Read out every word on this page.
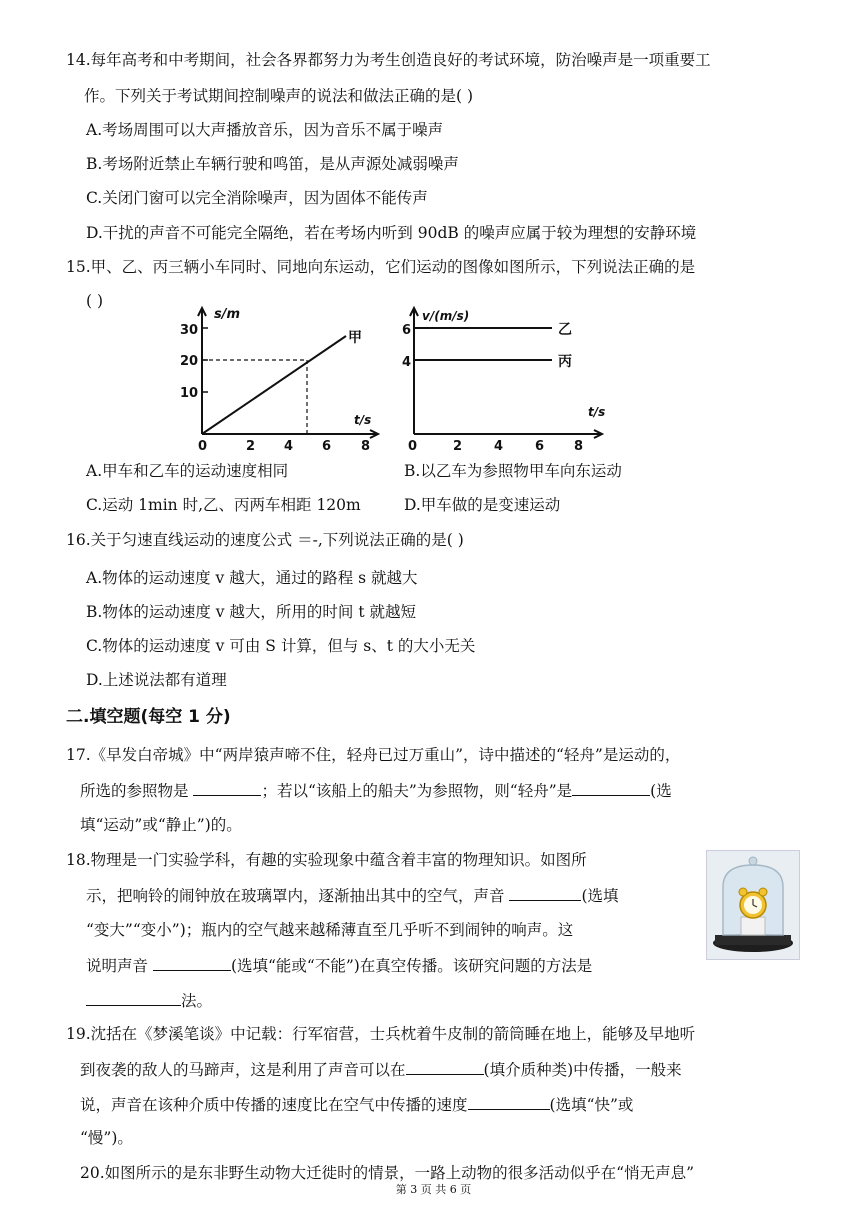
14.每年高考和中考期间，社会各界都努力为考生创造良好的考试环境，防治噪声是一项重要工
作。下列关于考试期间控制噪声的说法和做法正确的是( )
A.考场周围可以大声播放音乐，因为音乐不属于噪声
B.考场附近禁止车辆行驶和鸣笛，是从声源处减弱噪声
C.关闭门窗可以完全消除噪声，因为固体不能传声
D.干扰的声音不可能完全隔绝，若在考场内听到 90dB 的噪声应属于较为理想的安静环境
15.甲、乙、丙三辆小车同时、同地向东运动，它们运动的图像如图所示，下列说法正确的是
( )
s/m
t/s
30
20
10
0	2 4 6 8
甲
v/(m/s)
t/s
6
4
0	2 4 6 8
乙
丙
A.甲车和乙车的运动速度相同	B.以乙车为参照物甲车向东运动
C.运动 1min 时,乙、丙两车相距 120m	D.甲车做的是变速运动
16.关于匀速直线运动的速度公式 ＝-,下列说法正确的是( )
A.物体的运动速度 v 越大，通过的路程 s 就越大
B.物体的运动速度 v 越大，所用的时间 t 就越短
C.物体的运动速度 v 可由 S 计算，但与 s、t 的大小无关
D.上述说法都有道理
二.填空题(每空 1 分)
17.《早发白帝城》中“两岸猿声啼不住，轻舟已过万重山”，诗中描述的“轻舟”是运动的，
所选的参照物是	；若以“该船上的船夫”为参照物，则“轻舟”是	(选
填“运动”或“静止”)的。
18.物理是一门实验学科，有趣的实验现象中蕴含着丰富的物理知识。如图所
示，把响铃的闹钟放在玻璃罩内，逐渐抽出其中的空气，声音	(选填
“变大”“变小”)；瓶内的空气越来越稀薄直至几乎听不到闹钟的响声。这
说明声音	(选填“能或“不能”)在真空传播。该研究问题的方法是
法。
19.沈括在《梦溪笔谈》中记载：行军宿营，士兵枕着牛皮制的箭筒睡在地上，能够及早地听
到夜袭的敌人的马蹄声，这是利用了声音可以在	(填介质种类)中传播，一般来
说，声音在该种介质中传播的速度比在空气中传播的速度	(选填“快”或
“慢”)。
20.如图所示的是东非野生动物大迁徙时的情景，一路上动物的很多活动似乎在“悄无声息”
第 3 页 共 6 页
